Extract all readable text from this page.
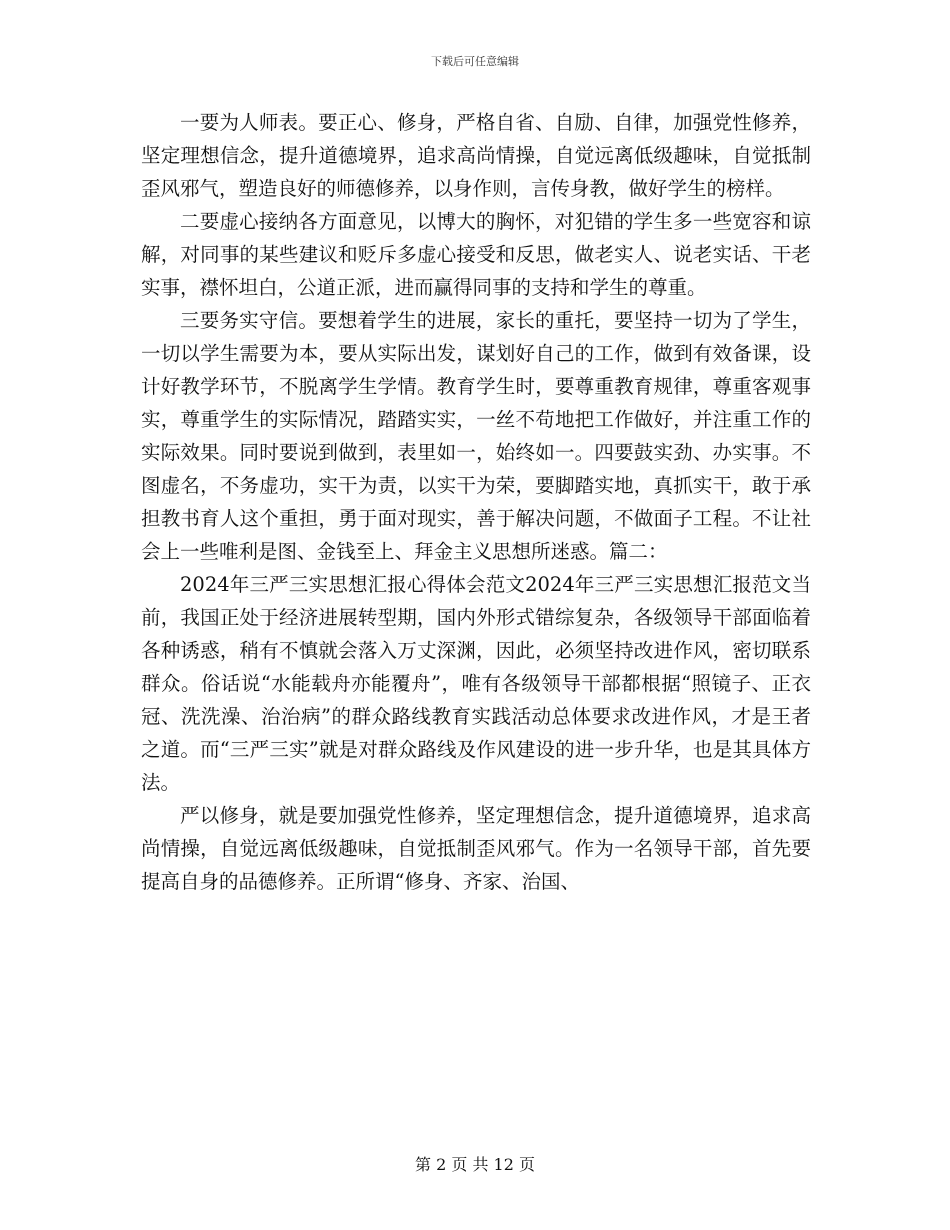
下载后可任意编辑

一要为人师表。要正心、修身，严格自省、自励、自律，加强党性修养，坚定理想信念，提升道德境界，追求高尚情操，自觉远离低级趣味，自觉抵制歪风邪气，塑造良好的师德修养，以身作则，言传身教，做好学生的榜样。

二要虚心接纳各方面意见，以博大的胸怀，对犯错的学生多一些宽容和谅解，对同事的某些建议和贬斥多虚心接受和反思，做老实人、说老实话、干老实事，襟怀坦白，公道正派，进而赢得同事的支持和学生的尊重。

三要务实守信。要想着学生的进展，家长的重托，要坚持一切为了学生，一切以学生需要为本，要从实际出发，谋划好自己的工作，做到有效备课，设计好教学环节，不脱离学生学情。教育学生时，要尊重教育规律，尊重客观事实，尊重学生的实际情况，踏踏实实，一丝不苟地把工作做好，并注重工作的实际效果。同时要说到做到，表里如一，始终如一。四要鼓实劲、办实事。不图虚名，不务虚功，实干为责，以实干为荣，要脚踏实地，真抓实干，敢于承担教书育人这个重担，勇于面对现实，善于解决问题，不做面子工程。不让社会上一些唯利是图、金钱至上、拜金主义思想所迷惑。篇二：

2024年三严三实思想汇报心得体会范文2024年三严三实思想汇报范文当前，我国正处于经济进展转型期，国内外形式错综复杂，各级领导干部面临着各种诱惑，稍有不慎就会落入万丈深渊，因此，必须坚持改进作风，密切联系群众。俗话说“水能载舟亦能覆舟”，唯有各级领导干部都根据“照镜子、正衣冠、洗洗澡、治治病”的群众路线教育实践活动总体要求改进作风，才是王者之道。而“三严三实”就是对群众路线及作风建设的进一步升华，也是其具体方法。

严以修身，就是要加强党性修养，坚定理想信念，提升道德境界，追求高尚情操，自觉远离低级趣味，自觉抵制歪风邪气。作为一名领导干部，首先要提高自身的品德修养。正所谓“修身、齐家、治国、

第 2 页 共 12 页
